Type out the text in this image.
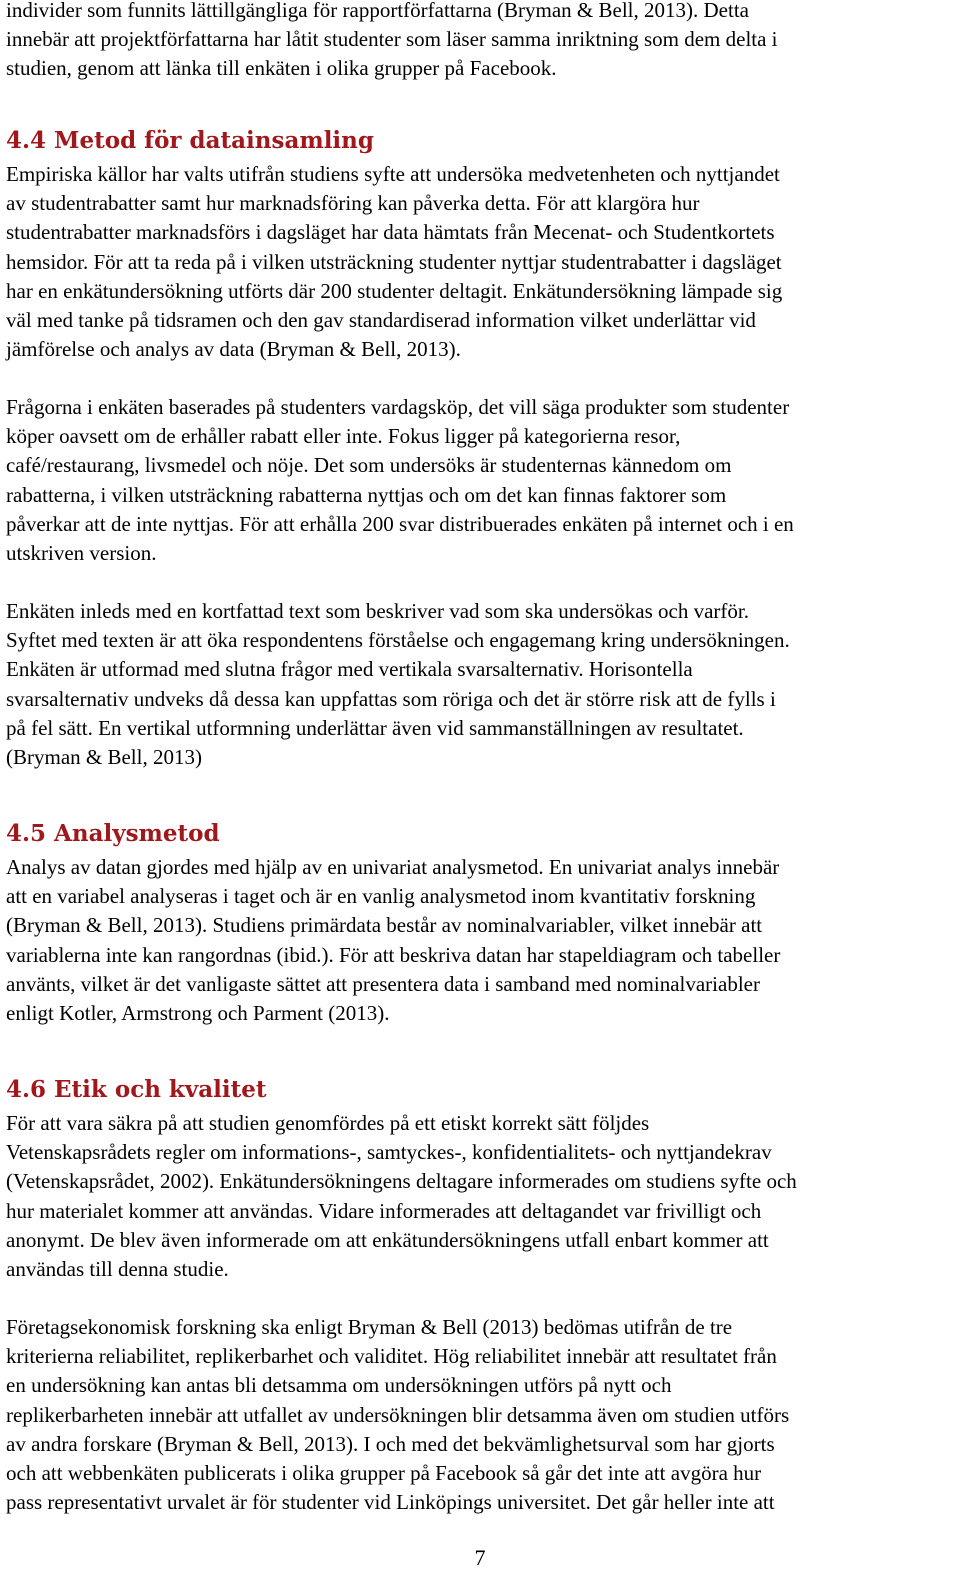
individer som funnits lättillgängliga för rapportförfattarna (Bryman & Bell, 2013). Detta
innebär att projektförfattarna har låtit studenter som läser samma inriktning som dem delta i
studien, genom att länka till enkäten i olika grupper på Facebook.
4.4 Metod för datainsamling
Empiriska källor har valts utifrån studiens syfte att undersöka medvetenheten och nyttjandet
av studentrabatter samt hur marknadsföring kan påverka detta. För att klargöra hur
studentrabatter marknadsförs i dagsläget har data hämtats från Mecenat- och Studentkortets
hemsidor. För att ta reda på i vilken utsträckning studenter nyttjar studentrabatter i dagsläget
har en enkätundersökning utförts där 200 studenter deltagit. Enkätundersökning lämpade sig
väl med tanke på tidsramen och den gav standardiserad information vilket underlättar vid
jämförelse och analys av data (Bryman & Bell, 2013).
Frågorna i enkäten baserades på studenters vardagsköp, det vill säga produkter som studenter
köper oavsett om de erhåller rabatt eller inte. Fokus ligger på kategorierna resor,
café/restaurang, livsmedel och nöje. Det som undersöks är studenternas kännedom om
rabatterna, i vilken utsträckning rabatterna nyttjas och om det kan finnas faktorer som
påverkar att de inte nyttjas. För att erhålla 200 svar distribuerades enkäten på internet och i en
utskriven version.
Enkäten inleds med en kortfattad text som beskriver vad som ska undersökas och varför.
Syftet med texten är att öka respondentens förståelse och engagemang kring undersökningen.
Enkäten är utformad med slutna frågor med vertikala svarsalternativ. Horisontella
svarsalternativ undveks då dessa kan uppfattas som röriga och det är större risk att de fylls i
på fel sätt. En vertikal utformning underlättar även vid sammanställningen av resultatet.
(Bryman & Bell, 2013)
4.5 Analysmetod
Analys av datan gjordes med hjälp av en univariat analysmetod. En univariat analys innebär
att en variabel analyseras i taget och är en vanlig analysmetod inom kvantitativ forskning
(Bryman & Bell, 2013). Studiens primärdata består av nominalvariabler, vilket innebär att
variablerna inte kan rangordnas (ibid.). För att beskriva datan har stapeldiagram och tabeller
använts, vilket är det vanligaste sättet att presentera data i samband med nominalvariabler
enligt Kotler, Armstrong och Parment (2013).
4.6 Etik och kvalitet
För att vara säkra på att studien genomfördes på ett etiskt korrekt sätt följdes
Vetenskapsrådets regler om informations-, samtyckes-, konfidentialitets- och nyttjandekrav
(Vetenskapsrådet, 2002). Enkätundersökningens deltagare informerades om studiens syfte och
hur materialet kommer att användas. Vidare informerades att deltagandet var frivilligt och
anonymt. De blev även informerade om att enkätundersökningens utfall enbart kommer att
användas till denna studie.
Företagsekonomisk forskning ska enligt Bryman & Bell (2013) bedömas utifrån de tre
kriterierna reliabilitet, replikerbarhet och validitet. Hög reliabilitet innebär att resultatet från
en undersökning kan antas bli detsamma om undersökningen utförs på nytt och
replikerbarheten innebär att utfallet av undersökningen blir detsamma även om studien utförs
av andra forskare (Bryman & Bell, 2013). I och med det bekvämlighetsurval som har gjorts
och att webbenkäten publicerats i olika grupper på Facebook så går det inte att avgöra hur
pass representativt urvalet är för studenter vid Linköpings universitet. Det går heller inte att
7
